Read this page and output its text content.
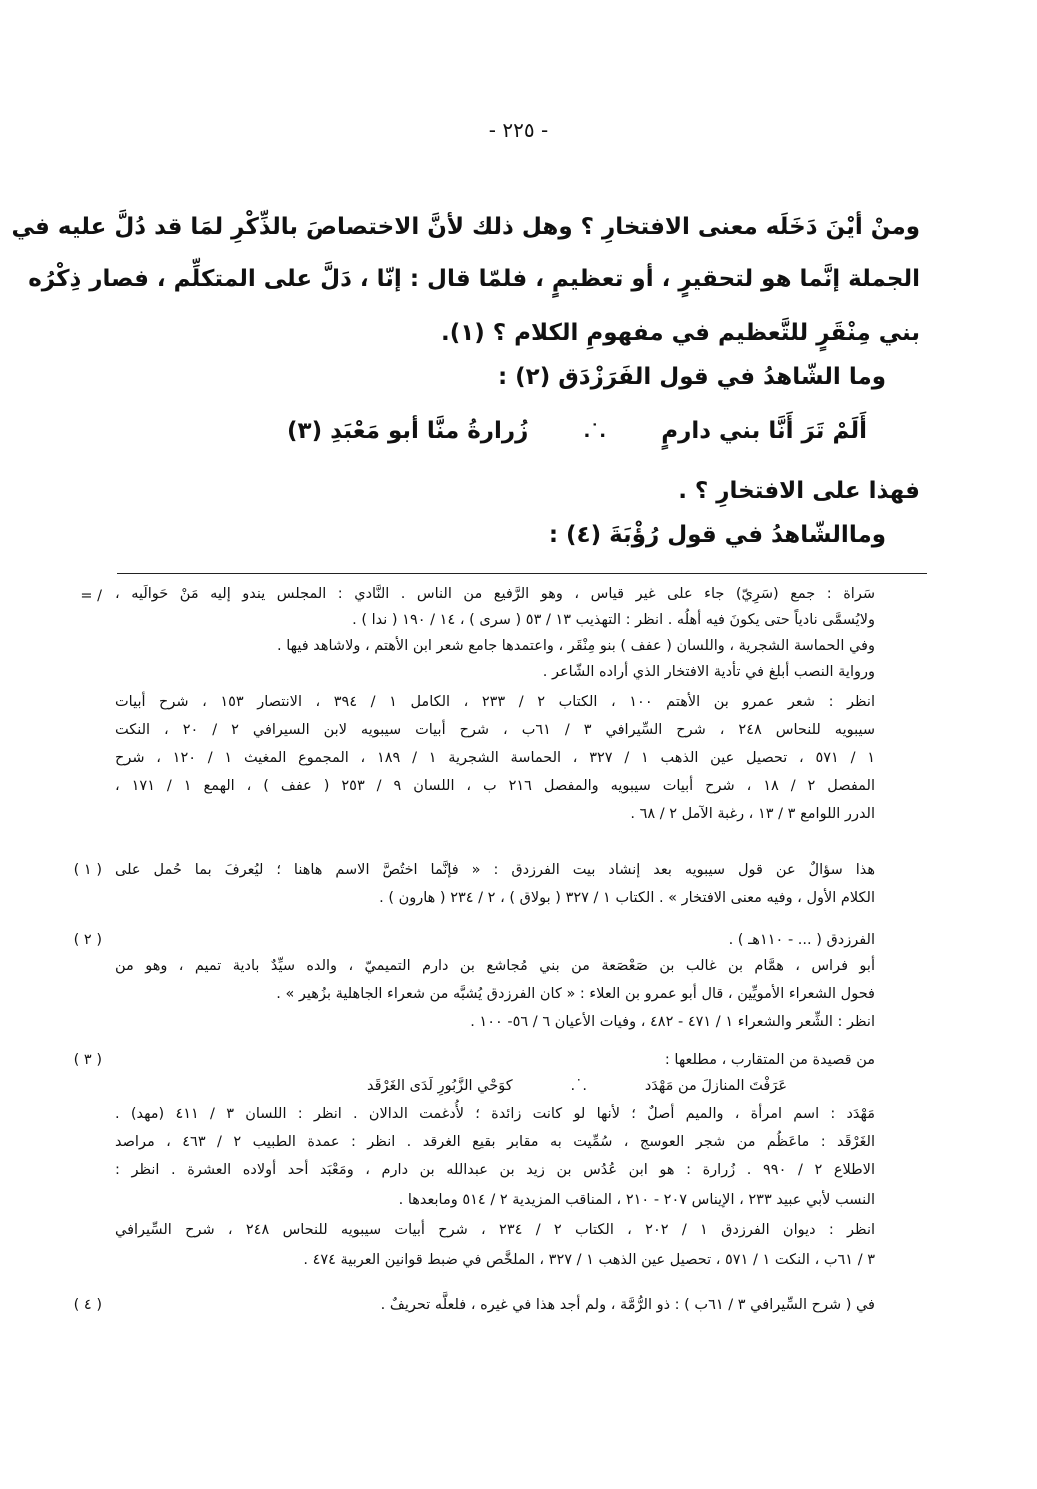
- ٢٢٥ -
ومنْ أيْنَ دَخَلَه معنى الافتخارِ ؟ وهل ذلك لأنَّ الاختصاصَ بالذِّكْرِ لمَا قد دُلَّ عليه في
الجملة إنَّما هو لتحقيرٍ ، أو تعظيمٍ ، فلمّا قال : إنّا ، دَلَّ على المتكلِّم ، فصار ذِكْرُه
بني مِنْقَرٍ للتَّعظيم في مفهومِ الكلام ؟ (١).
وما الشّاهدُ في قول الفَرَزْدَق (٢) :
فهذا على الافتخارِ ؟ .
وماالشّاهدُ في قول رُؤْبَةَ (٤) :
أَلَمْ تَرَ أَنَّا بني دارمٍ
.˙.
زُرارةُ منَّا أبو مَعْبَدِ (٣)
/ =
( ١ )
( ٢ )
( ٣ )
( ٤ )
سَراة : جمع (سَرِيّ) جاء على غير قياس ، وهو الرَّفيع من الناس . النَّادي : المجلس يندو إليه مَنْ حَوالَيه ،
ولايُسمَّى نادياً حتى يكونَ فيه أهلُه . انظر : التهذيب ١٣ / ٥٣ ( سرى ) ، ١٤ / ١٩٠ ( ندا ) .
وفي الحماسة الشجرية ، واللسان ( عفف ) بنو مِنْقَر ، واعتمدها جامع شعر ابن الأهتم ، ولاشاهد فيها .
ورواية النصب أبلغ في تأدية الافتخار الذي أراده الشّاعر .
انظر : شعر عمرو بن الأهتم ١٠٠ ، الكتاب ٢ / ٢٣٣ ، الكامل ١ / ٣٩٤ ، الانتصار ١٥٣ ، شرح أبيات
سيبويه للنحاس ٢٤٨ ، شرح السِّيرافي ٣ / ٦١ب ، شرح أبيات سيبويه لابن السيرافي ٢ / ٢٠ ، النكت
١ / ٥٧١ ، تحصيل عين الذهب ١ / ٣٢٧ ، الحماسة الشجرية ١ / ١٨٩ ، المجموع المغيث ١ / ١٢٠ ، شرح
المفصل ٢ / ١٨ ، شرح أبيات سيبويه والمفصل ٢١٦ ب ، اللسان ٩ / ٢٥٣ ( عفف ) ، الهمع ١ / ١٧١ ،
الدرر اللوامع ٣ / ١٣ ، رغبة الآمل ٢ / ٦٨ .
هذا سؤالٌ عن قول سيبويه بعد إنشاد بيت الفرزدق : « فإنَّما اختُصَّ الاسم هاهنا ؛ ليُعرفَ بما حُمل على
الكلام الأول ، وفيه معنى الافتخار » . الكتاب ١ / ٣٢٧ ( بولاق ) ، ٢ / ٢٣٤ ( هارون ) .
الفرزدق ( ... - ١١٠هـ ) .
أبو فراس ، همَّام بن غالب بن صَعْصَعة من بني مُجاشع بن دارم التميميّ ، والده سيِّدٌ بادية تميم ، وهو من
فحول الشعراء الأمويِّين ، قال أبو عمرو بن العلاء : « كان الفرزدق يُشبَّه من شعراء الجاهلية بزُهير » .
انظر : الشِّعر والشعراء ١ / ٤٧١ - ٤٨٢ ، وفيات الأعيان ٦ / ٥٦- ١٠٠ .
من قصيدة من المتقارب ، مطلعها :
مَهْدَد : اسم امرأة ، والميم أصلٌ ؛ لأنها لو كانت زائدة ؛ لأُدغمت الدالان . انظر : اللسان ٣ / ٤١١ (مهد) .
الغَرْقَد : ماعَظُم من شجر العوسج ، سُمِّيت به مقابر بقيع الغرقد . انظر : عمدة الطبيب ٢ / ٤٦٣ ، مراصد
الاطلاع ٢ / ٩٩٠ . زُرارة : هو ابن عُدُس بن زيد بن عبدالله بن دارم ، ومَعْبَد أحد أولاده العشرة . انظر :
النسب لأبي عبيد ٢٣٣ ، الإيناس ٢٠٧ - ٢١٠ ، المناقب المزيدية ٢ / ٥١٤ ومابعدها .
انظر : ديوان الفرزدق ١ / ٢٠٢ ، الكتاب ٢ / ٢٣٤ ، شرح أبيات سيبويه للنحاس ٢٤٨ ، شرح السِّيرافي
٣ / ٦١ب ، النكت ١ / ٥٧١ ، تحصيل عين الذهب ١ / ٣٢٧ ، الملخَّص في ضبط قوانين العربية ٤٧٤ .
في ( شرح السِّيرافي ٣ / ٦١ب ) : ذو الرُّمَّة ، ولم أجد هذا في غيره ، فلعلَّه تحريفٌ .
عَرَفْتَ المنازلَ من مَهْدَد
.˙.
كوَحْي الزَّبُورِ لَدَى الغَرْقَد
